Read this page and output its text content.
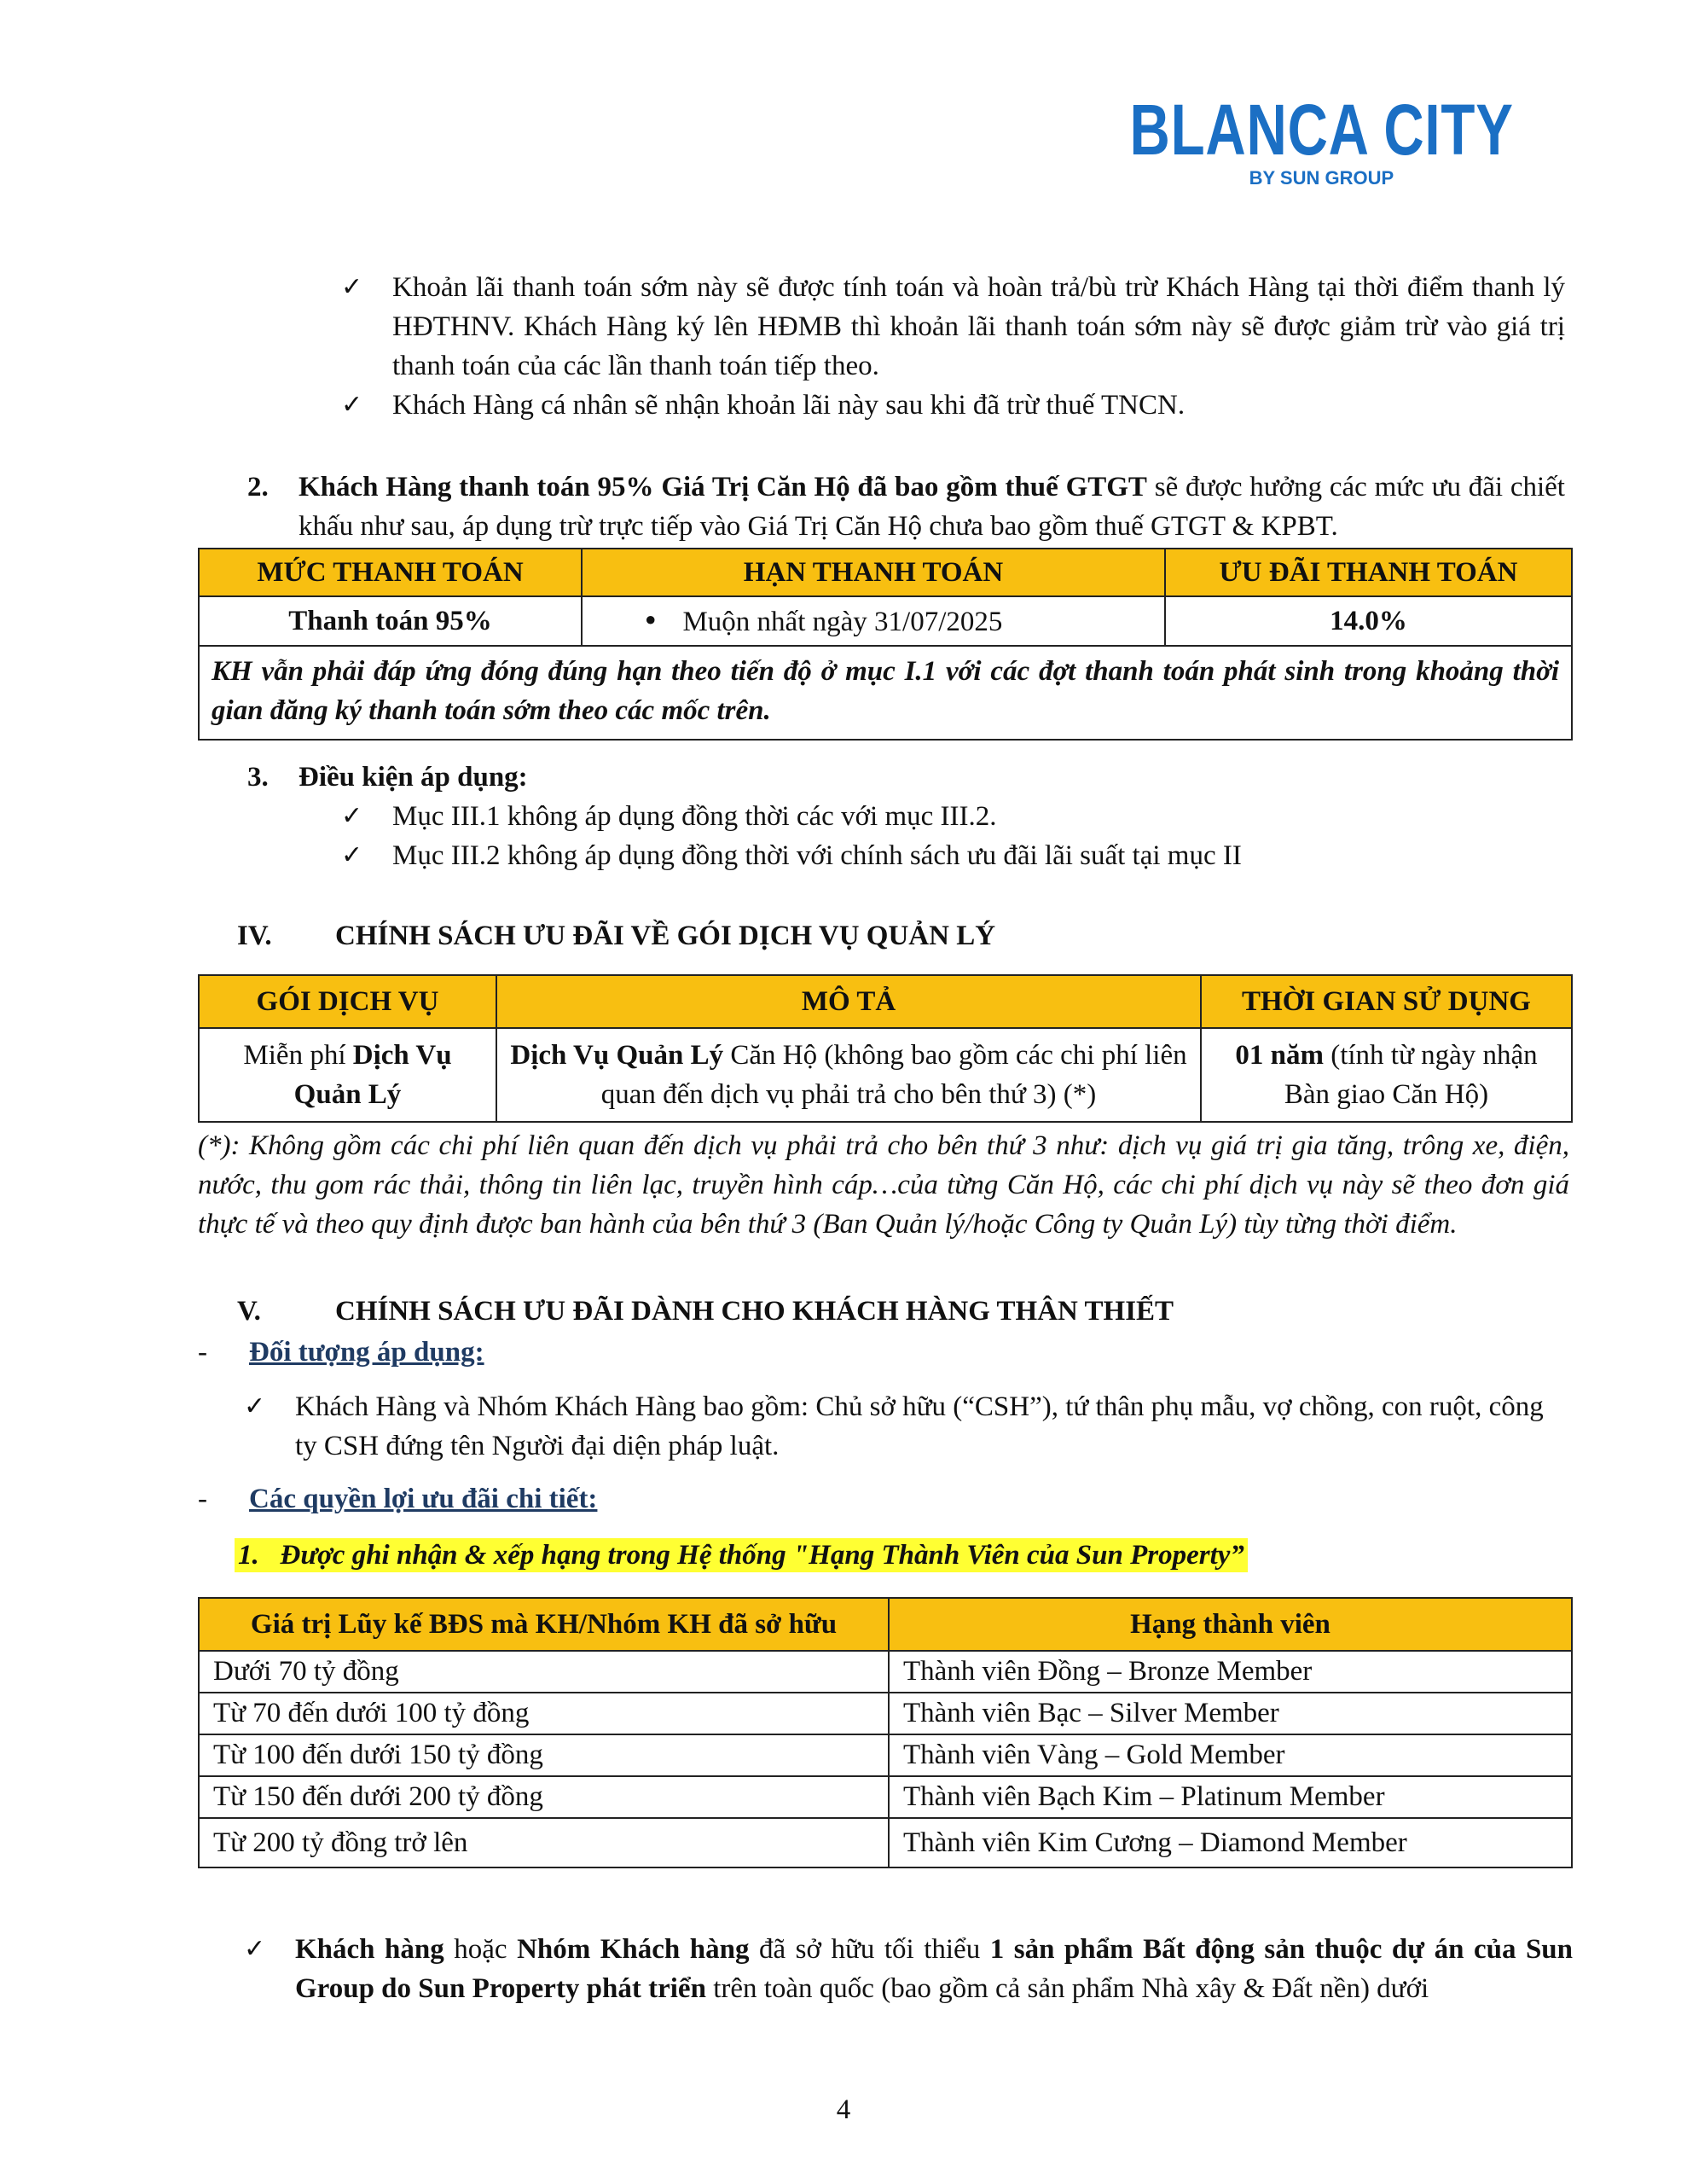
BLANCA CITY
BY SUN GROUP
✓	Khoản lãi thanh toán sớm này sẽ được tính toán và hoàn trả/bù trừ Khách Hàng tại thời điểm thanh lý HĐTHNV. Khách Hàng ký lên HĐMB thì khoản lãi thanh toán sớm này sẽ được giảm trừ vào giá trị thanh toán của các lần thanh toán tiếp theo.
✓	Khách Hàng cá nhân sẽ nhận khoản lãi này sau khi đã trừ thuế TNCN.
2.	Khách Hàng thanh toán 95% Giá Trị Căn Hộ đã bao gồm thuế GTGT sẽ được hưởng các mức ưu đãi chiết khấu như sau, áp dụng trừ trực tiếp vào Giá Trị Căn Hộ chưa bao gồm thuế GTGT & KPBT.
MỨC THANH TOÁN	HẠN THANH TOÁN	ƯU ĐÃI THANH TOÁN
Thanh toán 95%	• Muộn nhất ngày 31/07/2025	14.0%
KH vẫn phải đáp ứng đóng đúng hạn theo tiến độ ở mục I.1 với các đợt thanh toán phát sinh trong khoảng thời gian đăng ký thanh toán sớm theo các mốc trên.		
3.	Điều kiện áp dụng:
✓	Mục III.1 không áp dụng đồng thời các với mục III.2.
✓	Mục III.2 không áp dụng đồng thời với chính sách ưu đãi lãi suất tại mục II
IV.	CHÍNH SÁCH ƯU ĐÃI VỀ GÓI DỊCH VỤ QUẢN LÝ
GÓI DỊCH VỤ	MÔ TẢ	THỜI GIAN SỬ DỤNG
Miễn phí Dịch Vụ Quản Lý	Dịch Vụ Quản Lý Căn Hộ (không bao gồm các chi phí liên quan đến dịch vụ phải trả cho bên thứ 3) (*)	01 năm (tính từ ngày nhận Bàn giao Căn Hộ)
(*): Không gồm các chi phí liên quan đến dịch vụ phải trả cho bên thứ 3 như: dịch vụ giá trị gia tăng, trông xe, điện, nước, thu gom rác thải, thông tin liên lạc, truyền hình cáp…của từng Căn Hộ, các chi phí dịch vụ này sẽ theo đơn giá thực tế và theo quy định được ban hành của bên thứ 3 (Ban Quản lý/hoặc Công ty Quản Lý) tùy từng thời điểm.
V.	CHÍNH SÁCH ƯU ĐÃI DÀNH CHO KHÁCH HÀNG THÂN THIẾT
-	Đối tượng áp dụng:
✓	Khách Hàng và Nhóm Khách Hàng bao gồm: Chủ sở hữu (“CSH”), tứ thân phụ mẫu, vợ chồng, con ruột, công ty CSH đứng tên Người đại diện pháp luật.
-	Các quyền lợi ưu đãi chi tiết:
1.   Được ghi nhận & xếp hạng trong Hệ thống "Hạng Thành Viên của Sun Property”
Giá trị Lũy kế BĐS mà KH/Nhóm KH đã sở hữu	Hạng thành viên
Dưới 70 tỷ đồng	Thành viên Đồng – Bronze Member
Từ 70 đến dưới 100 tỷ đồng	Thành viên Bạc – Silver Member
Từ 100 đến dưới 150 tỷ đồng	Thành viên Vàng – Gold Member
Từ 150 đến dưới 200 tỷ đồng	Thành viên Bạch Kim – Platinum Member
Từ 200 tỷ đồng trở lên	Thành viên Kim Cương – Diamond Member
✓	Khách hàng hoặc Nhóm Khách hàng đã sở hữu tối thiểu 1 sản phẩm Bất động sản thuộc dự án của Sun Group do Sun Property phát triển trên toàn quốc (bao gồm cả sản phẩm Nhà xây & Đất nền) dưới
4
